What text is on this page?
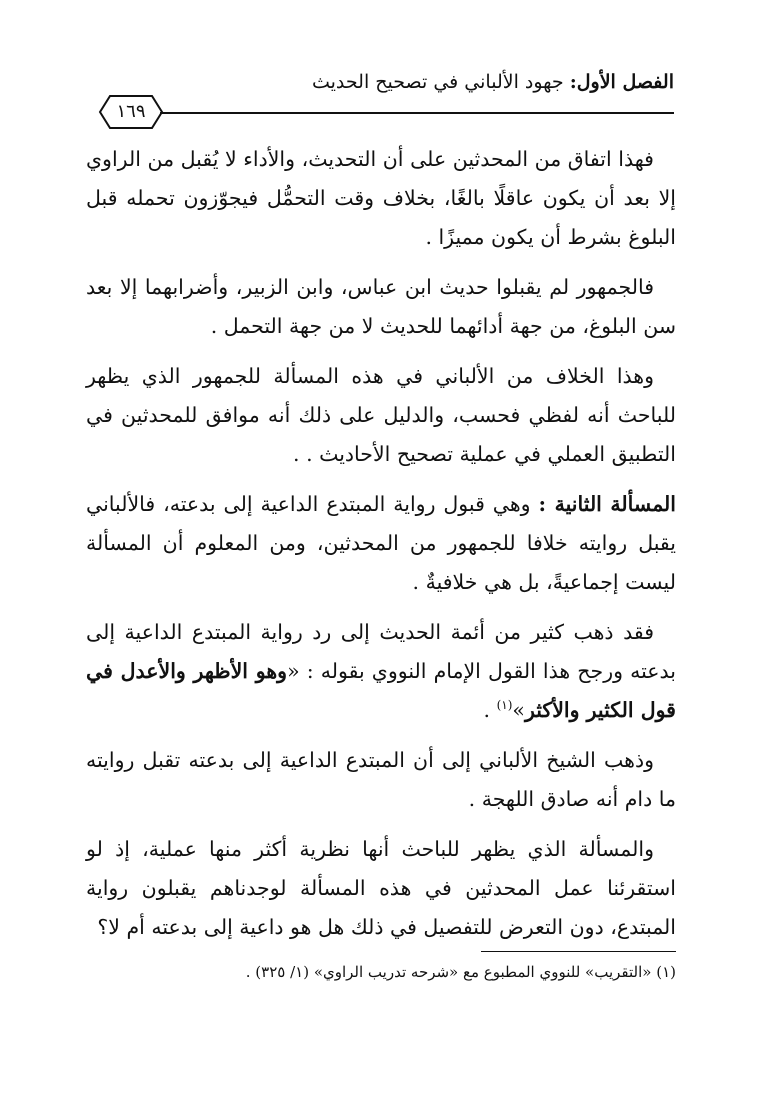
الفصل الأول: جهود الألباني في تصحيح الحديث
١٦٩

فهذا اتفاق من المحدثين على أن التحديث، والأداء لا يُقبل من الراوي إلا بعد أن يكون عاقلًا بالغًا، بخلاف وقت التحمُّل فيجوّزون تحمله قبل البلوغ بشرط أن يكون مميزًا .

فالجمهور لم يقبلوا حديث ابن عباس، وابن الزبير، وأضرابهما إلا بعد سن البلوغ، من جهة أدائهما للحديث لا من جهة التحمل .

وهذا الخلاف من الألباني في هذه المسألة للجمهور الذي يظهر للباحث أنه لفظي فحسب، والدليل على ذلك أنه موافق للمحدثين في التطبيق العملي في عملية تصحيح الأحاديث . .

المسألة الثانية : وهي قبول رواية المبتدع الداعية إلى بدعته، فالألباني يقبل روايته خلافا للجمهور من المحدثين، ومن المعلوم أن المسألة ليست إجماعيةً، بل هي خلافيةٌ .

فقد ذهب كثير من أئمة الحديث إلى رد رواية المبتدع الداعية إلى بدعته ورجح هذا القول الإمام النووي بقوله : «وهو الأظهر والأعدل في قول الكثير والأكثر»$^{(١)}$ .

وذهب الشيخ الألباني إلى أن المبتدع الداعية إلى بدعته تقبل روايته ما دام أنه صادق اللهجة .

والمسألة الذي يظهر للباحث أنها نظرية أكثر منها عملية، إذ لو استقرئنا عمل المحدثين في هذه المسألة لوجدناهم يقبلون رواية المبتدع، دون التعرض للتفصيل في ذلك هل هو داعية إلى بدعته أم لا؟

(١) «التقريب» للنووي المطبوع مع «شرحه تدريب الراوي» (١/ ٣٢٥) .
